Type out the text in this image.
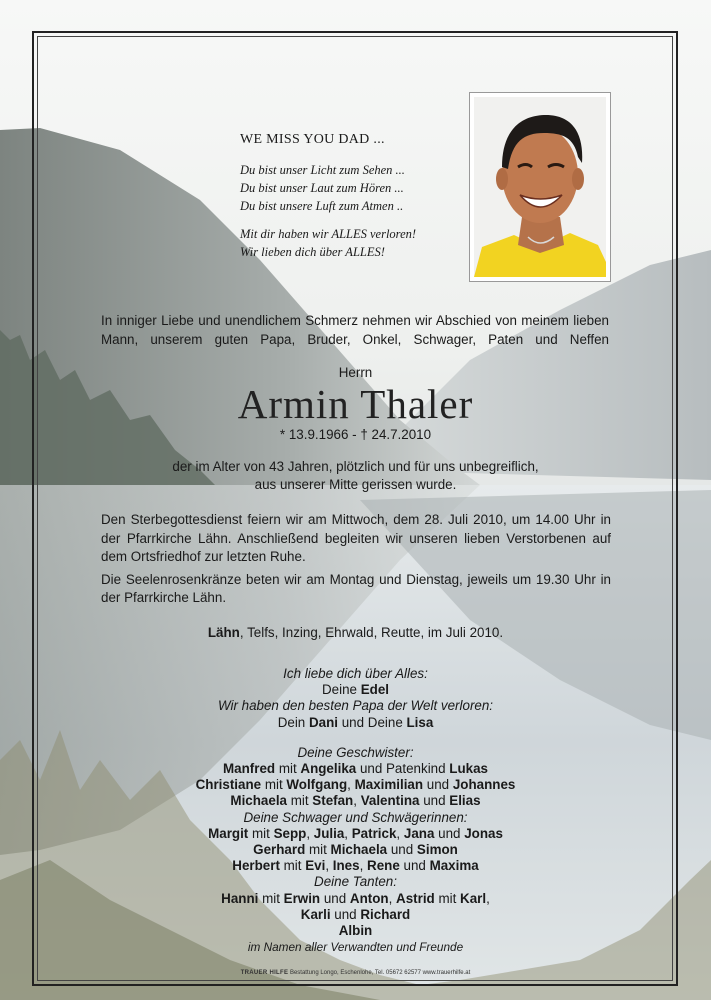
WE MISS YOU DAD ...
Du bist unser Licht zum Sehen ...
Du bist unser Laut zum Hören ...
Du bist unsere Luft zum Atmen ..
Mit dir haben wir ALLES verloren!
Wir lieben dich über ALLES!
In inniger Liebe und unendlichem Schmerz nehmen wir Abschied von meinem lieben Mann, unserem guten Papa, Bruder, Onkel, Schwager, Paten und Neffen
Herrn
Armin Thaler
* 13.9.1966 - † 24.7.2010
der im Alter von 43 Jahren, plötzlich und für uns unbegreiflich,
aus unserer Mitte gerissen wurde.

Den Sterbegottesdienst feiern wir am Mittwoch, dem 28. Juli 2010, um 14.00 Uhr in der Pfarrkirche Lähn. Anschließend begleiten wir unseren lieben Verstorbenen auf dem Ortsfriedhof zur letzten Ruhe.

Die Seelenrosenkränze beten wir am Montag und Dienstag, jeweils um 19.30 Uhr in der Pfarrkirche Lähn.

Lähn, Telfs, Inzing, Ehrwald, Reutte, im Juli 2010.
Ich liebe dich über Alles:
Deine Edel
Wir haben den besten Papa der Welt verloren:
Dein Dani und Deine Lisa
Deine Geschwister:
Manfred mit Angelika und Patenkind Lukas
Christiane mit Wolfgang, Maximilian und Johannes
Michaela mit Stefan, Valentina und Elias
Deine Schwager und Schwägerinnen:
Margit mit Sepp, Julia, Patrick, Jana und Jonas
Gerhard mit Michaela und Simon
Herbert mit Evi, Ines, Rene und Maxima
Deine Tanten:
Hanni mit Erwin und Anton, Astrid mit Karl,
Karli und Richard
Albin
im Namen aller Verwandten und Freunde
TRAUER HILFE Bestattung Longo, Eschenlohe, Tel. 05672 62577 www.trauerhilfe.at
